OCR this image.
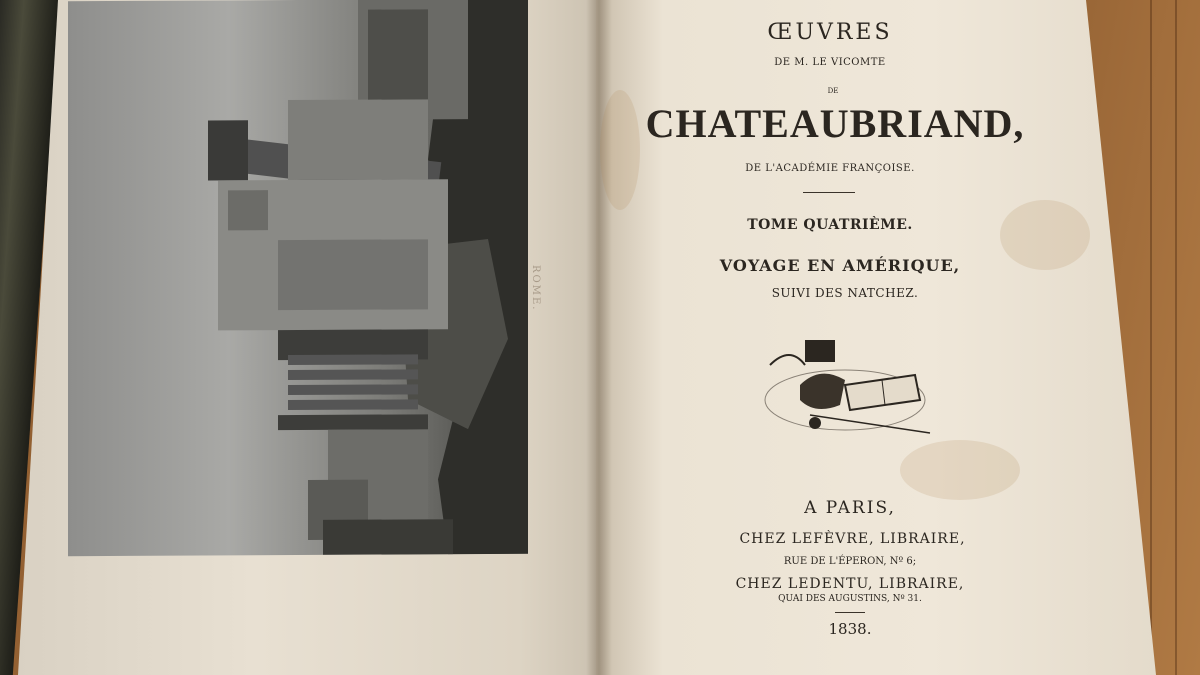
ROME.
ŒUVRES
DE M. LE VICOMTE
DE
CHATEAUBRIAND,
DE L'ACADÉMIE FRANÇOISE.
TOME QUATRIÈME.
VOYAGE EN AMÉRIQUE,
SUIVI DES NATCHEZ.
A PARIS,
CHEZ LEFÈVRE, LIBRAIRE,
RUE DE L'ÉPERON, Nº 6;
CHEZ LEDENTU, LIBRAIRE,
QUAI DES AUGUSTINS, Nº 31.
1838.
